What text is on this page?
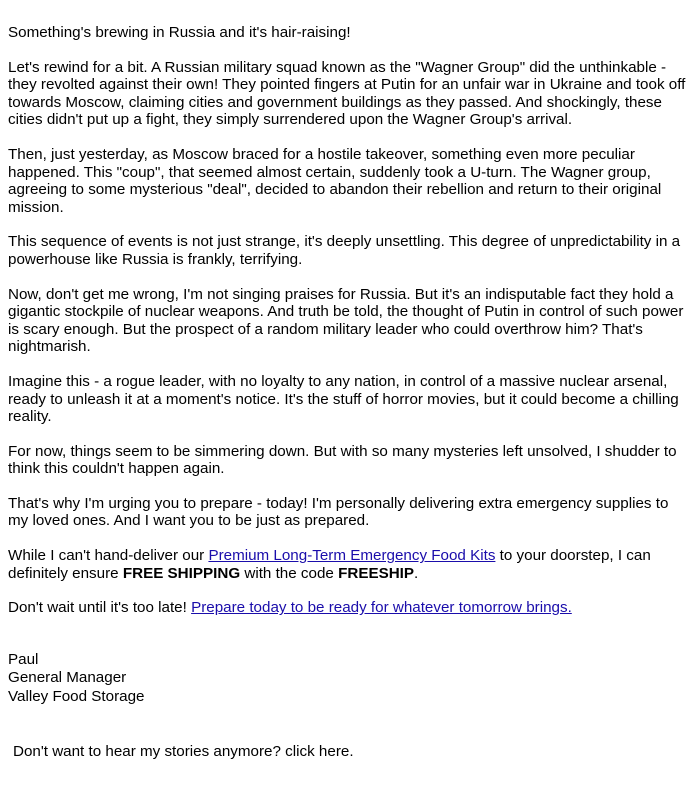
Something's brewing in Russia and it's hair-raising!

Let's rewind for a bit. A Russian military squad known as the "Wagner Group" did the unthinkable - they revolted against their own! They pointed fingers at Putin for an unfair war in Ukraine and took off towards Moscow, claiming cities and government buildings as they passed. And shockingly, these cities didn't put up a fight, they simply surrendered upon the Wagner Group's arrival.

Then, just yesterday, as Moscow braced for a hostile takeover, something even more peculiar happened. This "coup", that seemed almost certain, suddenly took a U-turn. The Wagner group, agreeing to some mysterious "deal", decided to abandon their rebellion and return to their original mission.

This sequence of events is not just strange, it's deeply unsettling. This degree of unpredictability in a powerhouse like Russia is frankly, terrifying.

Now, don't get me wrong, I'm not singing praises for Russia. But it's an indisputable fact they hold a gigantic stockpile of nuclear weapons. And truth be told, the thought of Putin in control of such power is scary enough. But the prospect of a random military leader who could overthrow him? That's nightmarish.

Imagine this - a rogue leader, with no loyalty to any nation, in control of a massive nuclear arsenal, ready to unleash it at a moment's notice. It's the stuff of horror movies, but it could become a chilling reality.

For now, things seem to be simmering down. But with so many mysteries left unsolved, I shudder to think this couldn't happen again.

That's why I'm urging you to prepare - today! I'm personally delivering extra emergency supplies to my loved ones. And I want you to be just as prepared.

While I can't hand-deliver our Premium Long-Term Emergency Food Kits to your doorstep, I can definitely ensure FREE SHIPPING with the code FREESHIP.

Don't wait until it's too late! Prepare today to be ready for whatever tomorrow brings.

Paul
General Manager
Valley Food Storage
Don't want to hear my stories anymore? click here.
